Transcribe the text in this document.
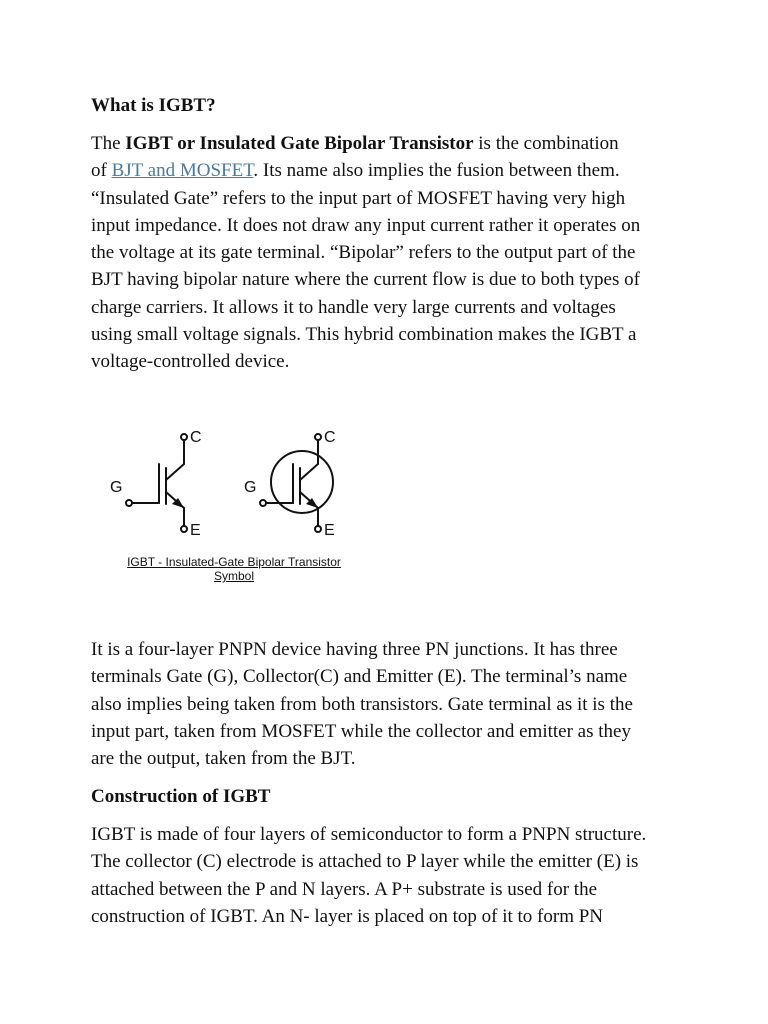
What is IGBT?

The IGBT or Insulated Gate Bipolar Transistor is the combination
of BJT and MOSFET. Its name also implies the fusion between them.
“Insulated Gate” refers to the input part of MOSFET having very high
input impedance. It does not draw any input current rather it operates on
the voltage at its gate terminal. “Bipolar” refers to the output part of the
BJT having bipolar nature where the current flow is due to both types of
charge carriers. It allows it to handle very large currents and voltages
using small voltage signals. This hybrid combination makes the IGBT a
voltage-controlled device.

C
G
E
C
G
E
IGBT - Insulated-Gate Bipolar Transistor
Symbol

It is a four-layer PNPN device having three PN junctions. It has three
terminals Gate (G), Collector(C) and Emitter (E). The terminal’s name
also implies being taken from both transistors. Gate terminal as it is the
input part, taken from MOSFET while the collector and emitter as they
are the output, taken from the BJT.

Construction of IGBT

IGBT is made of four layers of semiconductor to form a PNPN structure.
The collector (C) electrode is attached to P layer while the emitter (E) is
attached between the P and N layers. A P+ substrate is used for the
construction of IGBT. An N- layer is placed on top of it to form PN
